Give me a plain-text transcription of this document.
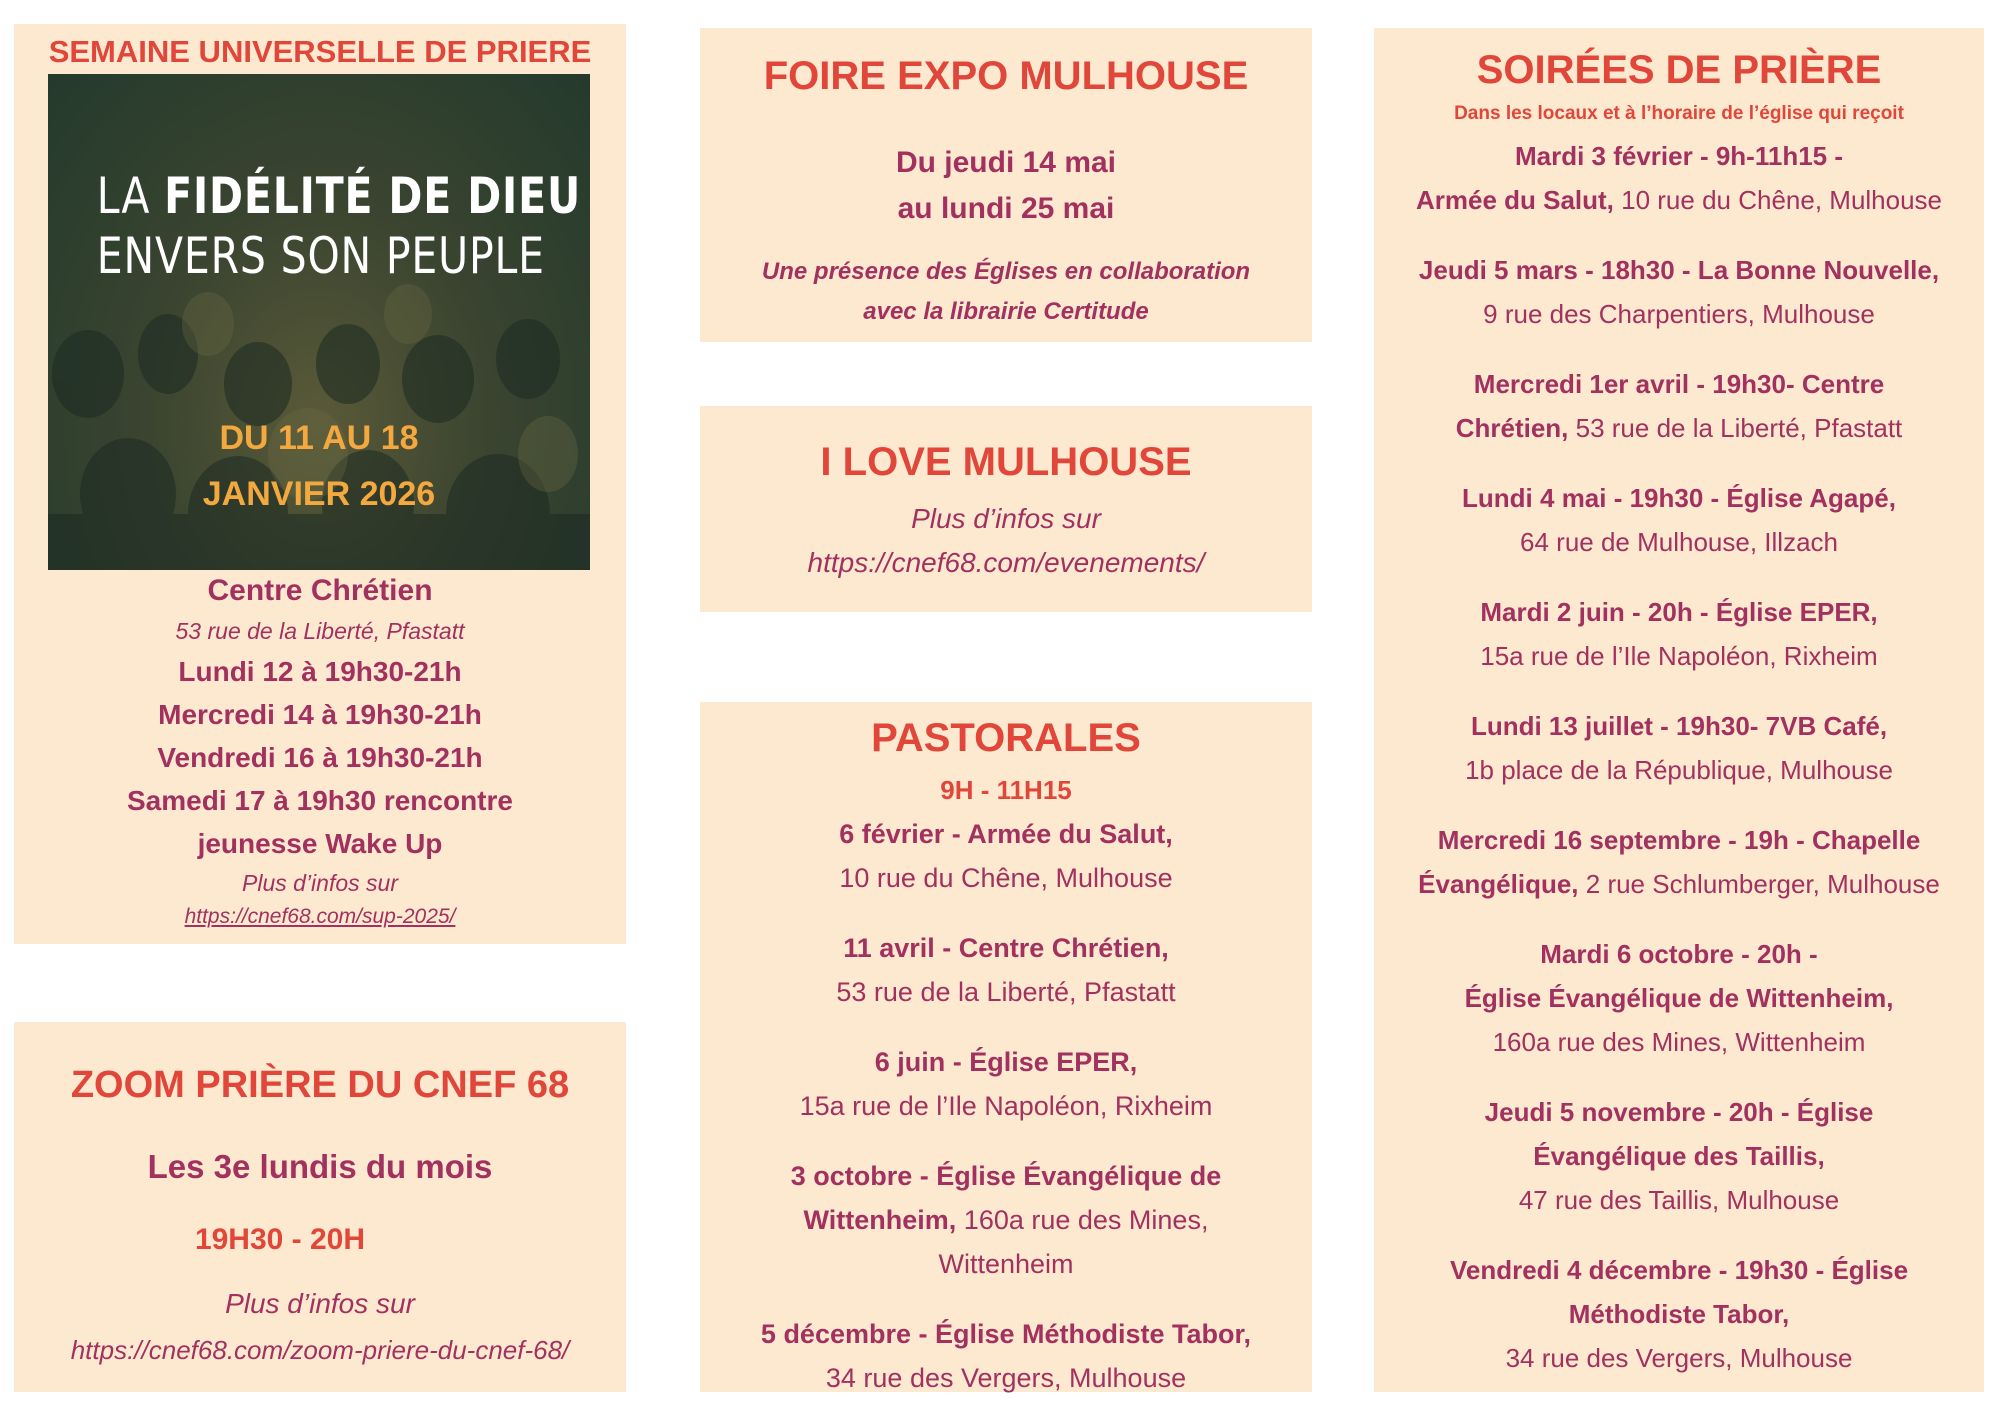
SEMAINE UNIVERSELLE DE PRIERE
LA FIDÉLITÉ DE DIEU
ENVERS SON PEUPLE
DU 11 AU 18
JANVIER 2026
Centre Chrétien
53 rue de la Liberté, Pfastatt
Lundi 12 à 19h30-21h
Mercredi 14 à 19h30-21h
Vendredi 16 à 19h30-21h
Samedi 17 à 19h30 rencontre
jeunesse Wake Up
Plus d’infos sur
https://cnef68.com/sup-2025/
ZOOM PRIÈRE DU CNEF 68
Les 3e lundis du mois
19H30 - 20H
Plus d’infos sur
https://cnef68.com/zoom-priere-du-cnef-68/
FOIRE EXPO MULHOUSE
Du jeudi 14 mai
au lundi 25 mai
Une présence des Églises en collaboration
avec la librairie Certitude
I LOVE MULHOUSE
Plus d’infos sur
https://cnef68.com/evenements/
PASTORALES
9H - 11H15
6 février - Armée du Salut,
10 rue du Chêne, Mulhouse
11 avril - Centre Chrétien,
53 rue de la Liberté, Pfastatt
6 juin - Église EPER,
15a rue de l’Ile Napoléon, Rixheim
3 octobre - Église Évangélique de
Wittenheim, 160a rue des Mines,
Wittenheim
5 décembre - Église Méthodiste Tabor,
34 rue des Vergers, Mulhouse
SOIRÉES DE PRIÈRE
Dans les locaux et à l’horaire de l’église qui reçoit
Mardi 3 février - 9h-11h15 -
Armée du Salut, 10 rue du Chêne, Mulhouse
Jeudi 5 mars - 18h30 - La Bonne Nouvelle,
9 rue des Charpentiers, Mulhouse
Mercredi 1er avril - 19h30- Centre
Chrétien, 53 rue de la Liberté, Pfastatt
Lundi 4 mai - 19h30 - Église Agapé,
64 rue de Mulhouse, Illzach
Mardi 2 juin - 20h - Église EPER,
15a rue de l’Ile Napoléon, Rixheim
Lundi 13 juillet - 19h30- 7VB Café,
1b place de la République, Mulhouse
Mercredi 16 septembre - 19h - Chapelle
Évangélique, 2 rue Schlumberger, Mulhouse
Mardi 6 octobre - 20h -
Église Évangélique de Wittenheim,
160a rue des Mines, Wittenheim
Jeudi 5 novembre - 20h - Église
Évangélique des Taillis,
47 rue des Taillis, Mulhouse
Vendredi 4 décembre - 19h30 - Église
Méthodiste Tabor,
34 rue des Vergers, Mulhouse
